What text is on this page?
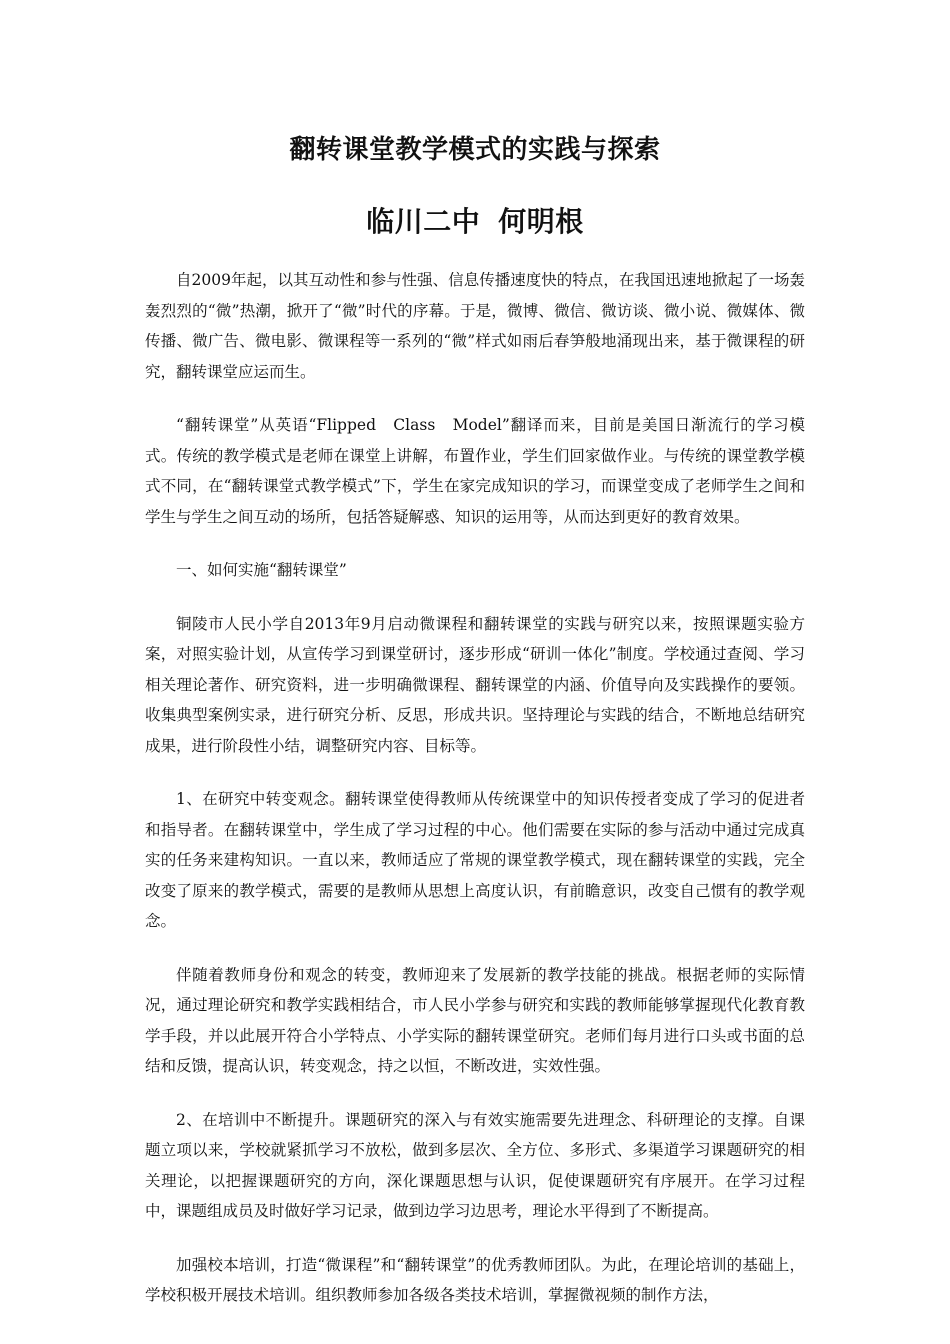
翻转课堂教学模式的实践与探索
临川二中 何明根

自2009年起，以其互动性和参与性强、信息传播速度快的特点，在我国迅速地掀起了一场轰轰烈烈的“微”热潮，掀开了“微”时代的序幕。于是，微博、微信、微访谈、微小说、微媒体、微传播、微广告、微电影、微课程等一系列的“微”样式如雨后春笋般地涌现出来，基于微课程的研究，翻转课堂应运而生。

“翻转课堂”从英语“Flipped　Class　Model”翻译而来，目前是美国日渐流行的学习模式。传统的教学模式是老师在课堂上讲解，布置作业，学生们回家做作业。与传统的课堂教学模式不同，在“翻转课堂式教学模式”下，学生在家完成知识的学习，而课堂变成了老师学生之间和学生与学生之间互动的场所，包括答疑解惑、知识的运用等，从而达到更好的教育效果。

一、如何实施“翻转课堂”

铜陵市人民小学自2013年9月启动微课程和翻转课堂的实践与研究以来，按照课题实验方案，对照实验计划，从宣传学习到课堂研讨，逐步形成“研训一体化”制度。学校通过查阅、学习相关理论著作、研究资料，进一步明确微课程、翻转课堂的内涵、价值导向及实践操作的要领。收集典型案例实录，进行研究分析、反思，形成共识。坚持理论与实践的结合，不断地总结研究成果，进行阶段性小结，调整研究内容、目标等。

1、在研究中转变观念。翻转课堂使得教师从传统课堂中的知识传授者变成了学习的促进者和指导者。在翻转课堂中，学生成了学习过程的中心。他们需要在实际的参与活动中通过完成真实的任务来建构知识。一直以来，教师适应了常规的课堂教学模式，现在翻转课堂的实践，完全改变了原来的教学模式，需要的是教师从思想上高度认识，有前瞻意识，改变自己惯有的教学观念。

伴随着教师身份和观念的转变，教师迎来了发展新的教学技能的挑战。根据老师的实际情况，通过理论研究和教学实践相结合，市人民小学参与研究和实践的教师能够掌握现代化教育教学手段，并以此展开符合小学特点、小学实际的翻转课堂研究。老师们每月进行口头或书面的总结和反馈，提高认识，转变观念，持之以恒，不断改进，实效性强。

2、在培训中不断提升。课题研究的深入与有效实施需要先进理念、科研理论的支撑。自课题立项以来，学校就紧抓学习不放松，做到多层次、全方位、多形式、多渠道学习课题研究的相关理论，以把握课题研究的方向，深化课题思想与认识，促使课题研究有序展开。在学习过程中，课题组成员及时做好学习记录，做到边学习边思考，理论水平得到了不断提高。

加强校本培训，打造“微课程”和“翻转课堂”的优秀教师团队。为此，在理论培训的基础上，学校积极开展技术培训。组织教师参加各级各类技术培训，掌握微视频的制作方法，
